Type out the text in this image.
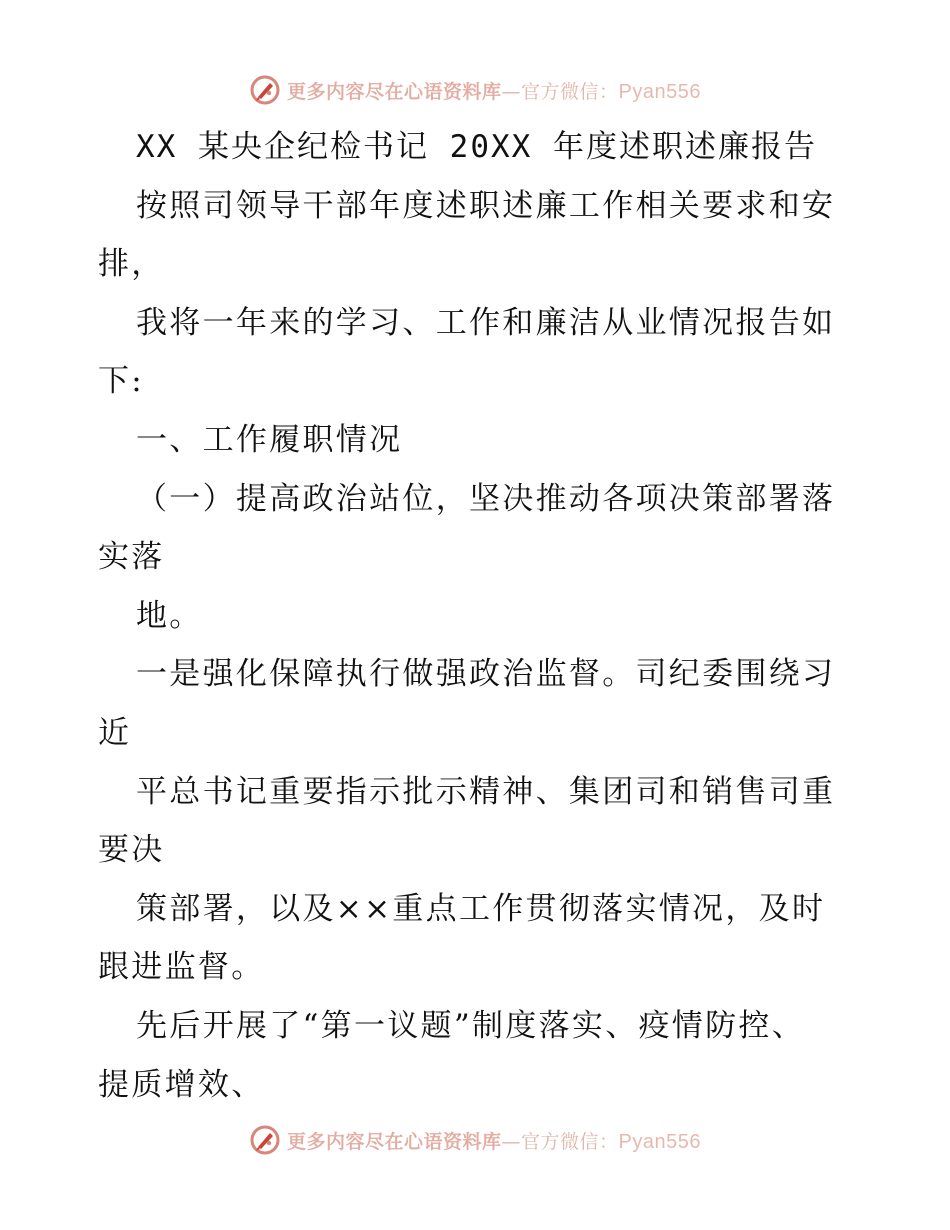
更多内容尽在心语资料库—官方微信：Pyan556
XX 某央企纪检书记 20XX 年度述职述廉报告
按照司领导干部年度述职述廉工作相关要求和安
排，
我将一年来的学习、工作和廉洁从业情况报告如
下:
一、工作履职情况
（一）提高政治站位，坚决推动各项决策部署落
实落
地。
一是强化保障执行做强政治监督。司纪委围绕习
近
平总书记重要指示批示精神、集团司和销售司重
要决
策部署，以及××重点工作贯彻落实情况，及时
跟进监督。
先后开展了“第一议题”制度落实、疫情防控、
提质增效、
更多内容尽在心语资料库—官方微信：Pyan556
